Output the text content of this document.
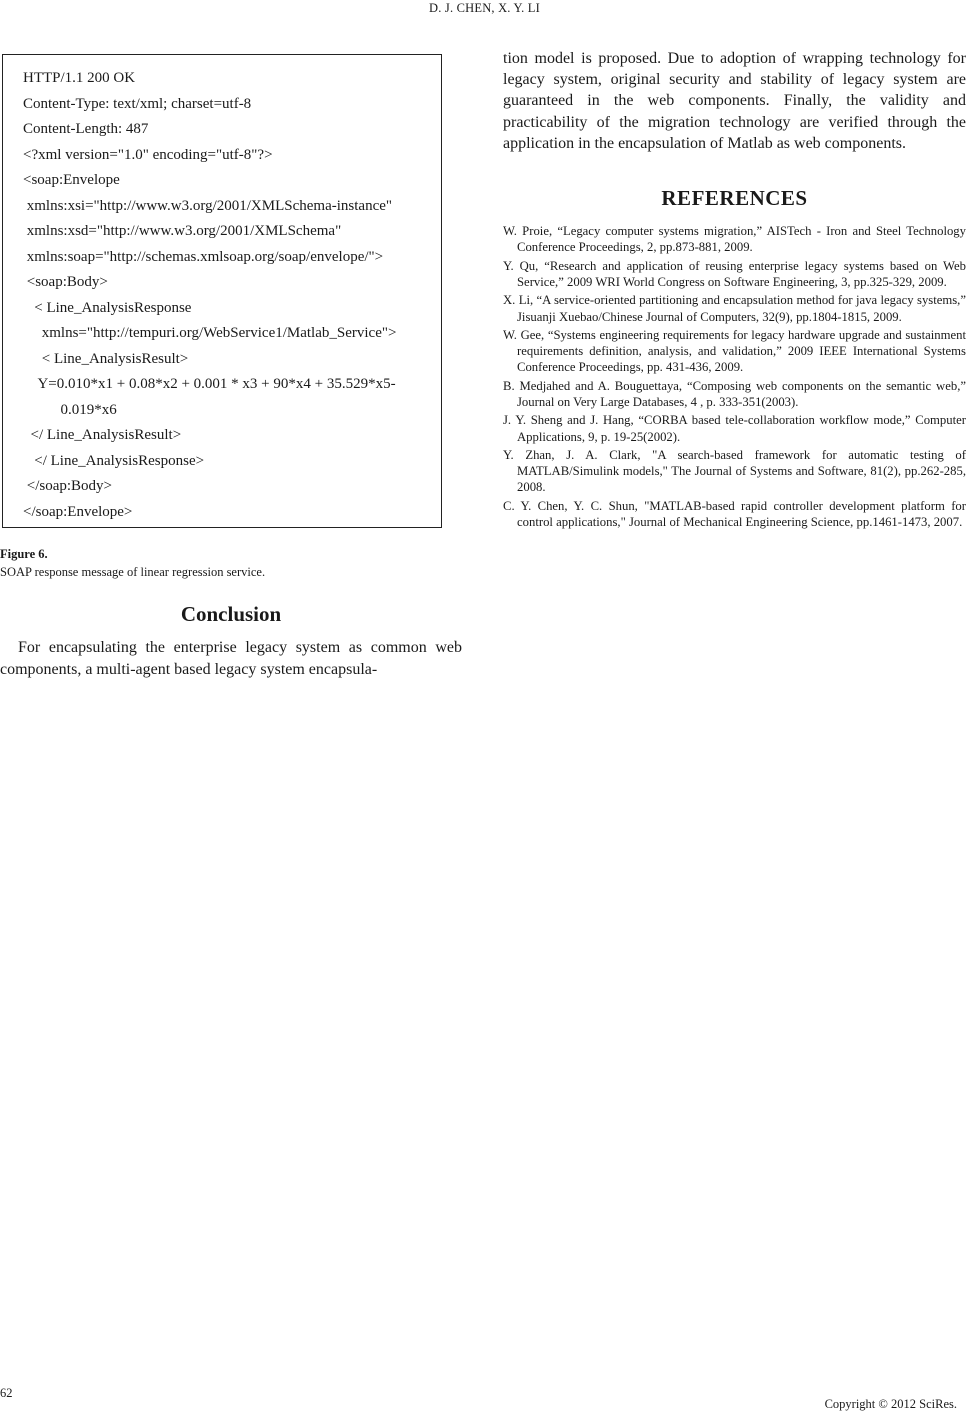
D. J. CHEN, X. Y. LI
HTTP/1.1 200 OK
Content-Type: text/xml; charset=utf-8
Content-Length: 487
<?xml version="1.0" encoding="utf-8"?>
<soap:Envelope
xmlns:xsi="http://www.w3.org/2001/XMLSchema-instance"
xmlns:xsd="http://www.w3.org/2001/XMLSchema"
xmlns:soap="http://schemas.xmlsoap.org/soap/envelope/">
<soap:Body>
< Line_AnalysisResponse
xmlns="http://tempuri.org/WebService1/Matlab_Service">
< Line_AnalysisResult>
Y=0.010*x1 + 0.08*x2 + 0.001 * x3 + 90*x4 + 35.529*x5-
0.019*x6
</ Line_AnalysisResult>
</ Line_AnalysisResponse>
</soap:Body>
</soap:Envelope>
Figure 6.
SOAP response message of linear regression service.
Conclusion

For encapsulating the enterprise legacy system as common web components, a multi-agent based legacy system encapsula-

tion model is proposed. Due to adoption of wrapping technology for legacy system, original security and stability of legacy system are guaranteed in the web components. Finally, the validity and practicability of the migration technology are verified through the application in the encapsulation of Matlab as web components.

REFERENCES

W. Proie, “Legacy computer systems migration,” AISTech - Iron and Steel Technology Conference Proceedings, 2, pp.873-881, 2009.

Y. Qu, “Research and application of reusing enterprise legacy systems based on Web Service,” 2009 WRI World Congress on Software Engineering, 3, pp.325-329, 2009.

X. Li, “A service-oriented partitioning and encapsulation method for java legacy systems,” Jisuanji Xuebao/Chinese Journal of Computers, 32(9), pp.1804-1815, 2009.

W. Gee, “Systems engineering requirements for legacy hardware upgrade and sustainment requirements definition, analysis, and validation,” 2009 IEEE International Systems Conference Proceedings, pp. 431-436, 2009.

B. Medjahed and A. Bouguettaya, “Composing web components on the semantic web,” Journal on Very Large Databases, 4 , p. 333-351(2003).

J. Y. Sheng and J. Hang, “CORBA based tele-collaboration workflow mode,” Computer Applications, 9, p. 19-25(2002).

Y. Zhan, J. A. Clark, "A search-based framework for automatic testing of MATLAB/Simulink models," The Journal of Systems and Software, 81(2), pp.262-285, 2008.

C. Y. Chen, Y. C. Shun, "MATLAB-based rapid controller development platform for control applications," Journal of Mechanical Engineering Science, pp.1461-1473, 2007.

62
Copyright © 2012 SciRes.
